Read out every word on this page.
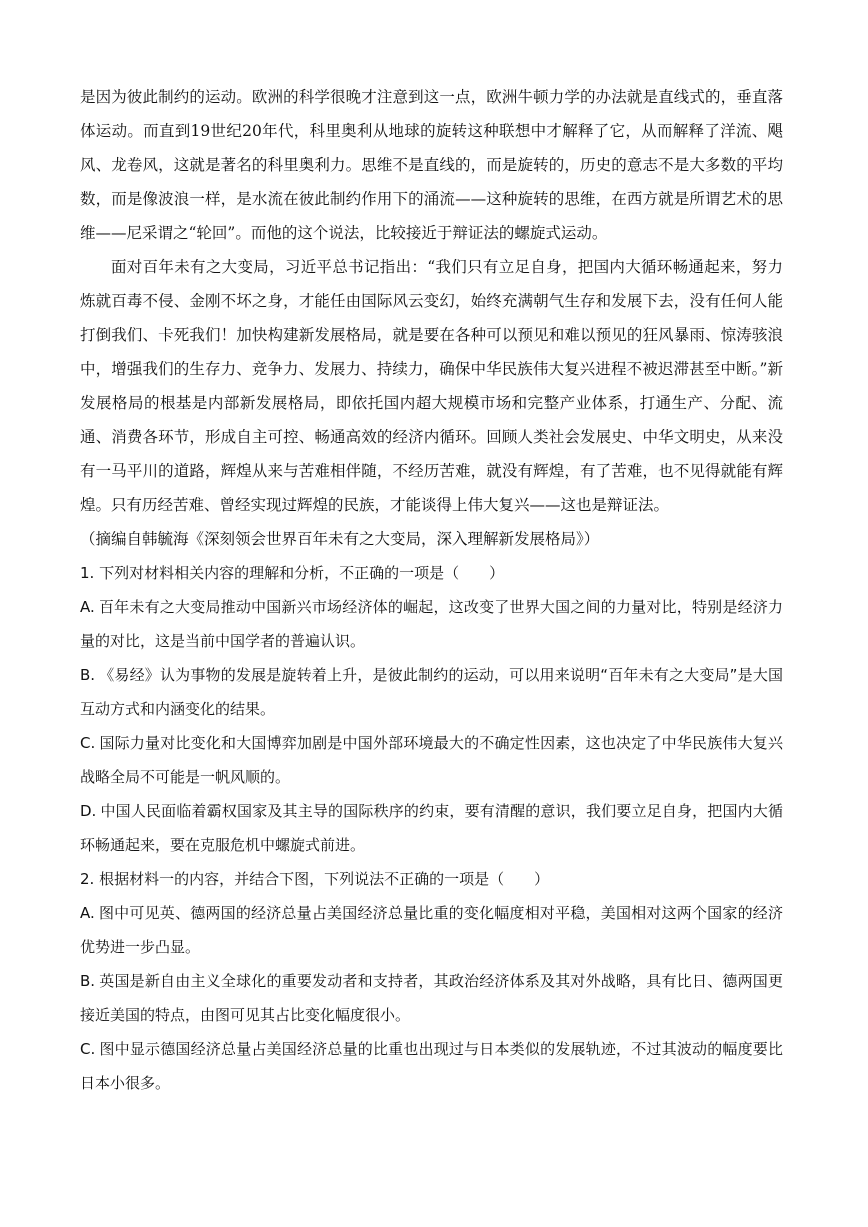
是因为彼此制约的运动。欧洲的科学很晚才注意到这一点，欧洲牛顿力学的办法就是直线式的，垂直落体运动。而直到19世纪20年代，科里奥利从地球的旋转这种联想中才解释了它，从而解释了洋流、飓风、龙卷风，这就是著名的科里奥利力。思维不是直线的，而是旋转的，历史的意志不是大多数的平均数，而是像波浪一样，是水流在彼此制约作用下的涌流——这种旋转的思维，在西方就是所谓艺术的思维——尼采谓之“轮回”。而他的这个说法，比较接近于辩证法的螺旋式运动。

面对百年未有之大变局，习近平总书记指出：“我们只有立足自身，把国内大循环畅通起来，努力炼就百毒不侵、金刚不坏之身，才能任由国际风云变幻，始终充满朝气生存和发展下去，没有任何人能打倒我们、卡死我们！加快构建新发展格局，就是要在各种可以预见和难以预见的狂风暴雨、惊涛骇浪中，增强我们的生存力、竞争力、发展力、持续力，确保中华民族伟大复兴进程不被迟滞甚至中断。”新发展格局的根基是内部新发展格局，即依托国内超大规模市场和完整产业体系，打通生产、分配、流通、消费各环节，形成自主可控、畅通高效的经济内循环。回顾人类社会发展史、中华文明史，从来没有一马平川的道路，辉煌从来与苦难相伴随，不经历苦难，就没有辉煌，有了苦难，也不见得就能有辉煌。只有历经苦难、曾经实现过辉煌的民族，才能谈得上伟大复兴——这也是辩证法。

（摘编自韩毓海《深刻领会世界百年未有之大变局，深入理解新发展格局》）

1. 下列对材料相关内容的理解和分析，不正确的一项是（　　）

A. 百年未有之大变局推动中国新兴市场经济体的崛起，这改变了世界大国之间的力量对比，特别是经济力量的对比，这是当前中国学者的普遍认识。

B. 《易经》认为事物的发展是旋转着上升，是彼此制约的运动，可以用来说明“百年未有之大变局”是大国互动方式和内涵变化的结果。

C. 国际力量对比变化和大国博弈加剧是中国外部环境最大的不确定性因素，这也决定了中华民族伟大复兴战略全局不可能是一帆风顺的。

D. 中国人民面临着霸权国家及其主导的国际秩序的约束，要有清醒的意识，我们要立足自身，把国内大循环畅通起来，要在克服危机中螺旋式前进。

2. 根据材料一的内容，并结合下图，下列说法不正确的一项是（　　）

A. 图中可见英、德两国的经济总量占美国经济总量比重的变化幅度相对平稳，美国相对这两个国家的经济优势进一步凸显。

B. 英国是新自由主义全球化的重要发动者和支持者，其政治经济体系及其对外战略，具有比日、德两国更接近美国的特点，由图可见其占比变化幅度很小。

C. 图中显示德国经济总量占美国经济总量的比重也出现过与日本类似的发展轨迹，不过其波动的幅度要比日本小很多。
